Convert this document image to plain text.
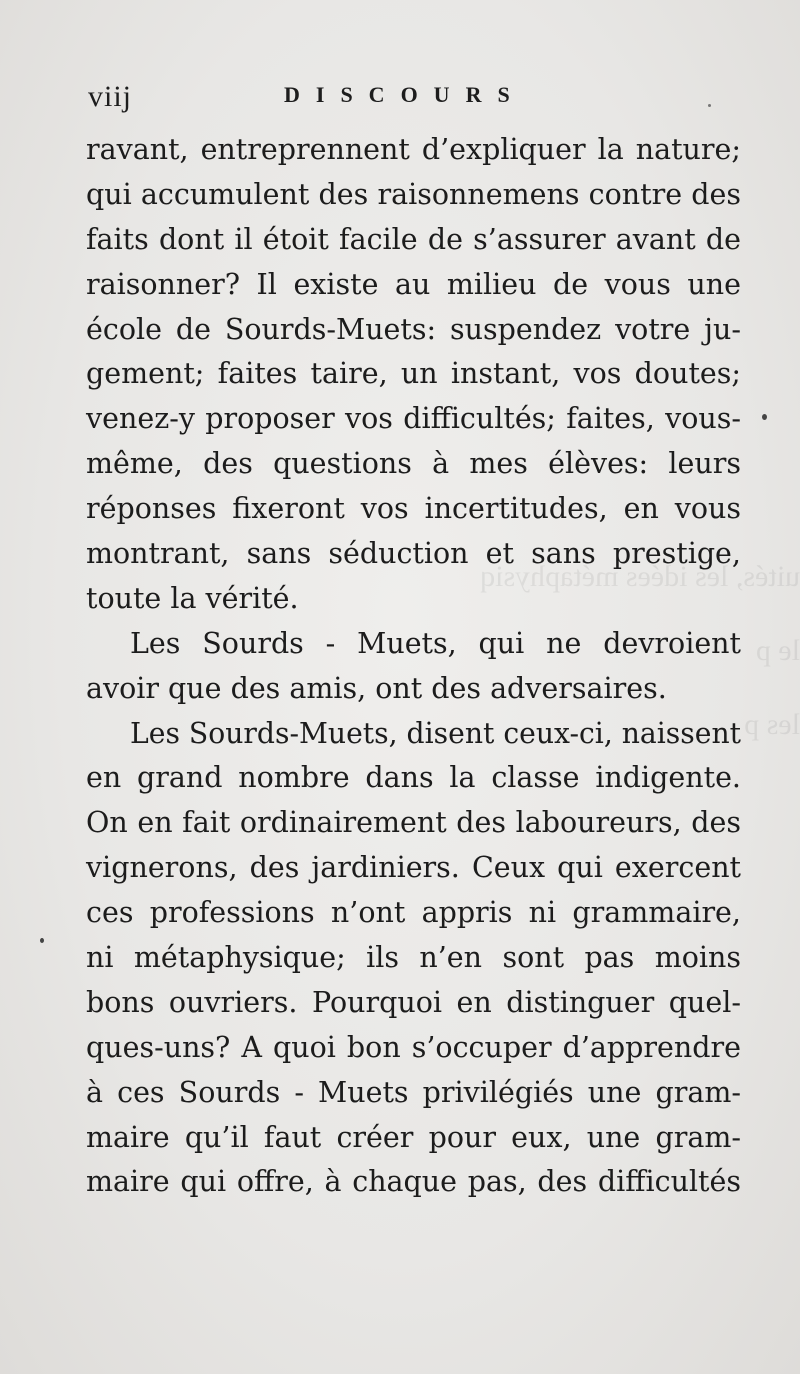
uités, les idées métaphysiq
le p
les p
viij	DISCOURS
ravant, entreprennent d’expliquer la nature;
qui accumulent des raisonnemens contre des
faits dont il étoit facile de s’assurer avant de
raisonner? Il existe au milieu de vous une
école de Sourds-Muets: suspendez votre ju-
gement; faites taire, un instant, vos doutes;
venez-y proposer vos difficultés; faites, vous-
même, des questions à mes élèves: leurs
réponses fixeront vos incertitudes, en vous
montrant, sans séduction et sans prestige,
toute la vérité.
Les Sourds - Muets, qui ne devroient
avoir que des amis, ont des adversaires.
Les Sourds-Muets, disent ceux-ci, naissent
en grand nombre dans la classe indigente.
On en fait ordinairement des laboureurs, des
vignerons, des jardiniers. Ceux qui exercent
ces professions n’ont appris ni grammaire,
ni métaphysique; ils n’en sont pas moins
bons ouvriers. Pourquoi en distinguer quel-
ques-uns? A quoi bon s’occuper d’apprendre
à ces Sourds - Muets privilégiés une gram-
maire qu’il faut créer pour eux, une gram-
maire qui offre, à chaque pas, des difficultés
